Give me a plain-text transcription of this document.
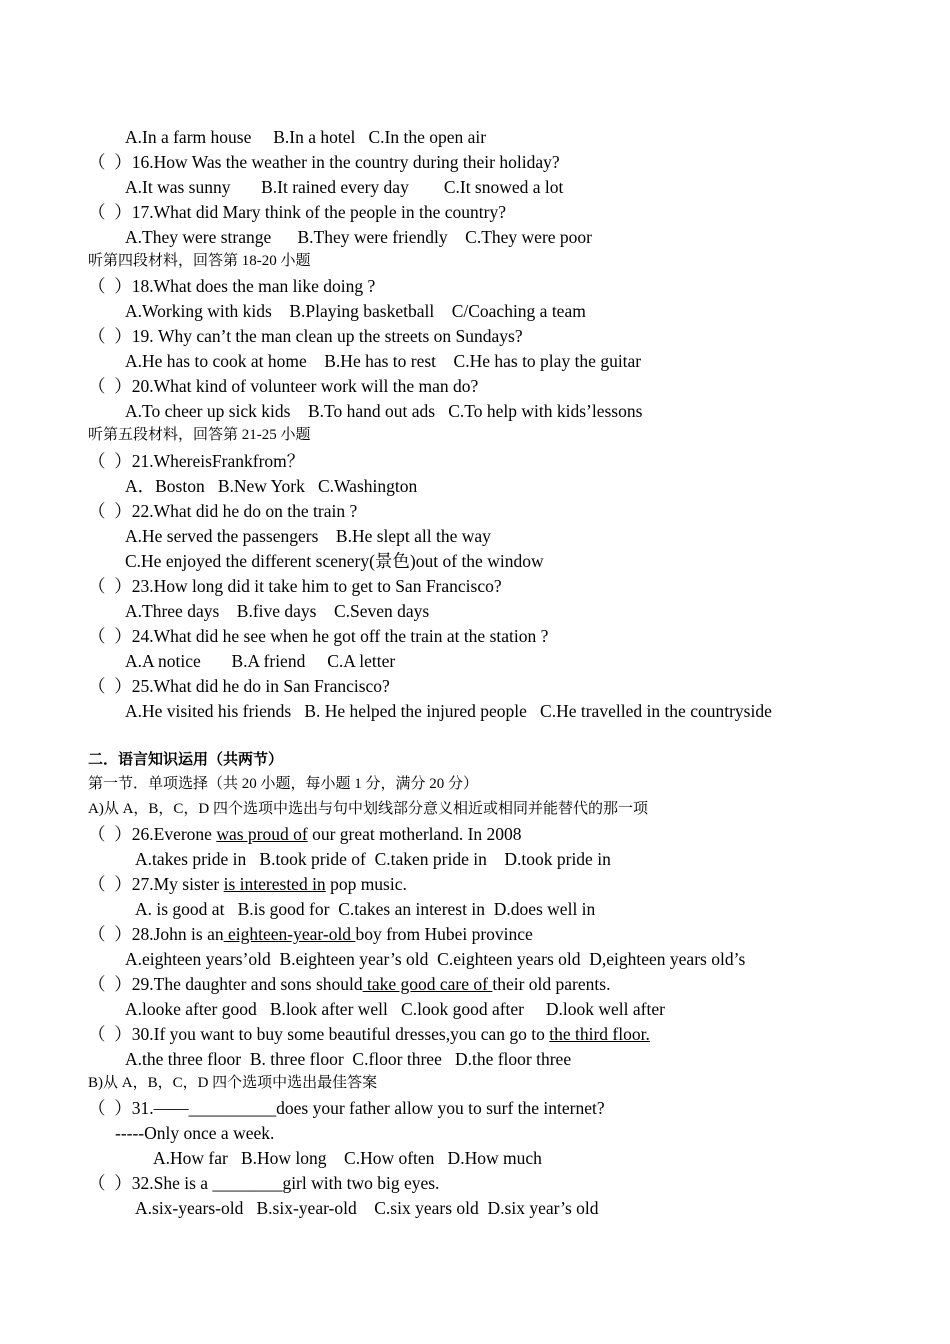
A.In a farm house     B.In a hotel   C.In the open air
（  ）16.How Was the weather in the country during their holiday?
A.It was sunny       B.It rained every day        C.It snowed a lot
（  ）17.What did Mary think of the people in the country?
A.They were strange      B.They were friendly    C.They were poor
听第四段材料，回答第 18-20 小题
（  ）18.What does the man like doing ?
A.Working with kids    B.Playing basketball    C/Coaching a team
（  ）19. Why can’t the man clean up the streets on Sundays?
A.He has to cook at home    B.He has to rest    C.He has to play the guitar
（  ）20.What kind of volunteer work will the man do?
A.To cheer up sick kids    B.To hand out ads   C.To help with kids’lessons
听第五段材料，回答第 21-25 小题
（  ）21.WhereisFrankfrom？
A．Boston   B.New York   C.Washington
（  ）22.What did he do on the train ?
A.He served the passengers    B.He slept all the way
C.He enjoyed the different scenery(景色)out of the window
（  ）23.How long did it take him to get to San Francisco?
A.Three days    B.five days    C.Seven days
（  ）24.What did he see when he got off the train at the station ?
A.A notice       B.A friend     C.A letter
（  ）25.What did he do in San Francisco?
A.He visited his friends   B. He helped the injured people   C.He travelled in the countryside
二．语言知识运用（共两节）
第一节．单项选择（共 20 小题，每小题 1 分，满分 20 分）
A)从 A，B，C，D 四个选项中选出与句中划线部分意义相近或相同并能替代的那一项
（  ）26.Everone was proud of our great motherland. In 2008
A.takes pride in   B.took pride of  C.taken pride in    D.took pride in
（  ）27.My sister is interested in pop music.
A. is good at   B.is good for  C.takes an interest in  D.does well in
（  ）28.John is an eighteen-year-old boy from Hubei province
A.eighteen years’old  B.eighteen year’s old  C.eighteen years old  D,eighteen years old’s
（  ）29.The daughter and sons should take good care of their old parents.
A.looke after good   B.look after well   C.look good after     D.look well after
（  ）30.If you want to buy some beautiful dresses,you can go to the third floor.
A.the three floor  B. three floor  C.floor three   D.the floor three
B)从 A，B，C，D 四个选项中选出最佳答案
（  ）31.——__________does your father allow you to surf the internet?
-----Only once a week.
A.How far   B.How long    C.How often   D.How much
（  ）32.She is a ________girl with two big eyes.
A.six-years-old   B.six-year-old    C.six years old  D.six year’s old
